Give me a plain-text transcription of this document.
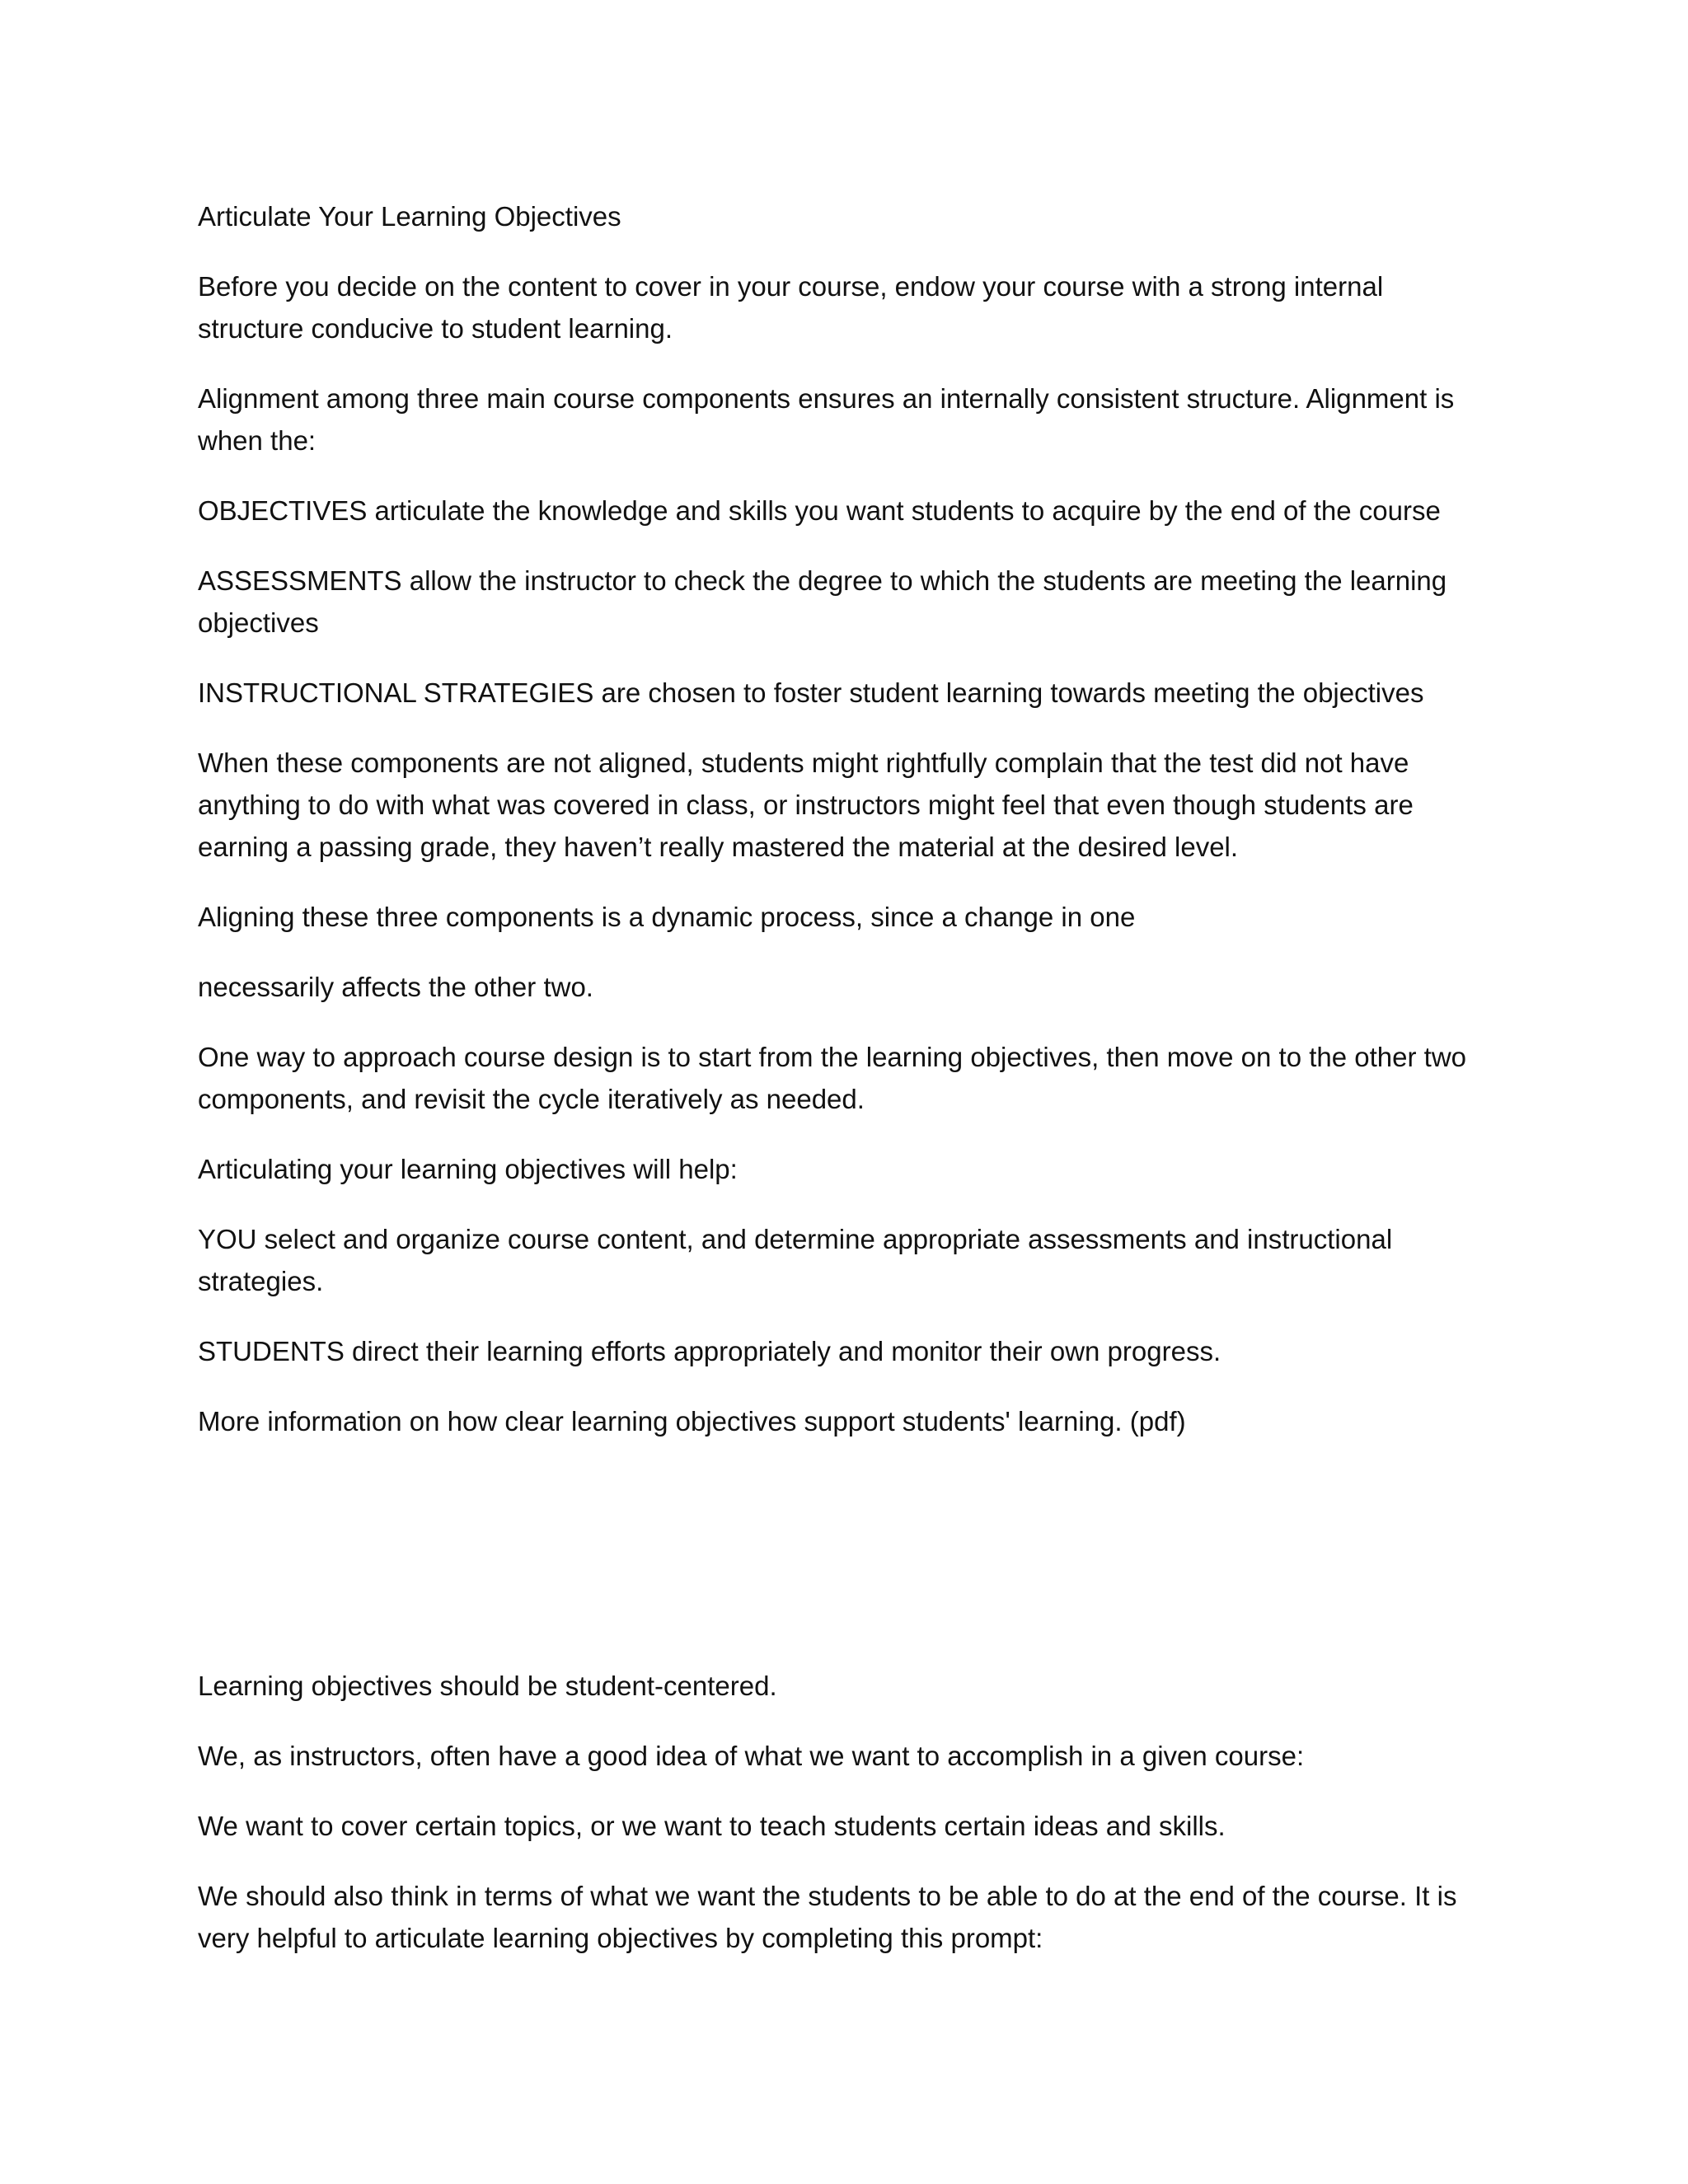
Articulate Your Learning Objectives

Before you decide on the content to cover in your course, endow your course with a strong internal structure conducive to student learning.

Alignment among three main course components ensures an internally consistent structure. Alignment is when the:

OBJECTIVES articulate the knowledge and skills you want students to acquire by the end of the course

ASSESSMENTS allow the instructor to check the degree to which the students are meeting the learning objectives

INSTRUCTIONAL STRATEGIES are chosen to foster student learning towards meeting the objectives

When these components are not aligned, students might rightfully complain that the test did not have anything to do with what was covered in class, or instructors might feel that even though students are earning a passing grade, they haven’t really mastered the material at the desired level.

Aligning these three components is a dynamic process, since a change in one

necessarily affects the other two.

One way to approach course design is to start from the learning objectives, then move on to the other two components, and revisit the cycle iteratively as needed.

Articulating your learning objectives will help:

YOU select and organize course content, and determine appropriate assessments and instructional strategies.

STUDENTS direct their learning efforts appropriately and monitor their own progress.

More information on how clear learning objectives support students' learning. (pdf)

Learning objectives should be student-centered.

We, as instructors, often have a good idea of what we want to accomplish in a given course:

We want to cover certain topics, or we want to teach students certain ideas and skills.

We should also think in terms of what we want the students to be able to do at the end of the course. It is very helpful to articulate learning objectives by completing this prompt:
